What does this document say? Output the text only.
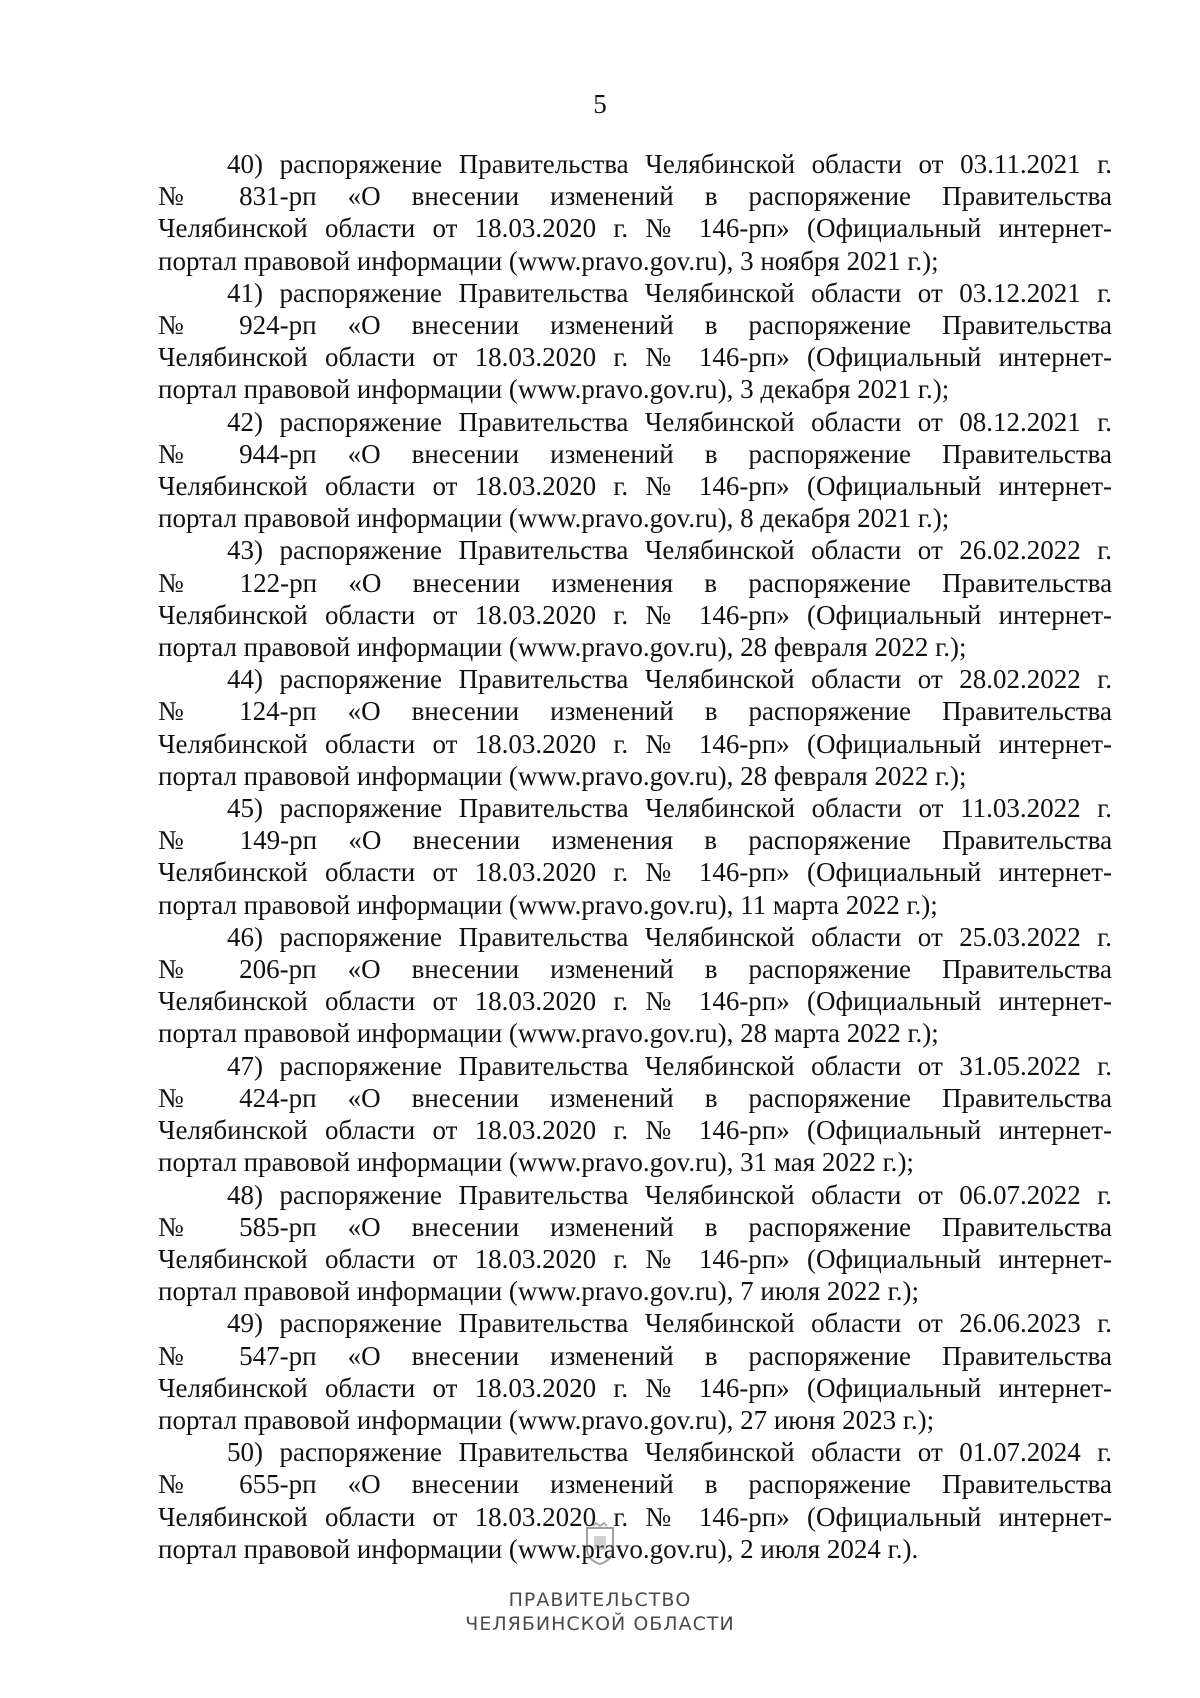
5

40) распоряжение Правительства Челябинской области от 03.11.2021 г.
№ 831-рп «О внесении изменений в распоряжение Правительства
Челябинской области от 18.03.2020 г. № 146-рп» (Официальный интернет-
портал правовой информации (www.pravo.gov.ru), 3 ноября 2021 г.);

41) распоряжение Правительства Челябинской области от 03.12.2021 г.
№ 924-рп «О внесении изменений в распоряжение Правительства
Челябинской области от 18.03.2020 г. № 146-рп» (Официальный интернет-
портал правовой информации (www.pravo.gov.ru), 3 декабря 2021 г.);

42) распоряжение Правительства Челябинской области от 08.12.2021 г.
№ 944-рп «О внесении изменений в распоряжение Правительства
Челябинской области от 18.03.2020 г. № 146-рп» (Официальный интернет-
портал правовой информации (www.pravo.gov.ru), 8 декабря 2021 г.);

43) распоряжение Правительства Челябинской области от 26.02.2022 г.
№ 122-рп «О внесении изменения в распоряжение Правительства
Челябинской области от 18.03.2020 г. № 146-рп» (Официальный интернет-
портал правовой информации (www.pravo.gov.ru), 28 февраля 2022 г.);

44) распоряжение Правительства Челябинской области от 28.02.2022 г.
№ 124-рп «О внесении изменений в распоряжение Правительства
Челябинской области от 18.03.2020 г. № 146-рп» (Официальный интернет-
портал правовой информации (www.pravo.gov.ru), 28 февраля 2022 г.);

45) распоряжение Правительства Челябинской области от 11.03.2022 г.
№ 149-рп «О внесении изменения в распоряжение Правительства
Челябинской области от 18.03.2020 г. № 146-рп» (Официальный интернет-
портал правовой информации (www.pravo.gov.ru), 11 марта 2022 г.);

46) распоряжение Правительства Челябинской области от 25.03.2022 г.
№ 206-рп «О внесении изменений в распоряжение Правительства
Челябинской области от 18.03.2020 г. № 146-рп» (Официальный интернет-
портал правовой информации (www.pravo.gov.ru), 28 марта 2022 г.);

47) распоряжение Правительства Челябинской области от 31.05.2022 г.
№ 424-рп «О внесении изменений в распоряжение Правительства
Челябинской области от 18.03.2020 г. № 146-рп» (Официальный интернет-
портал правовой информации (www.pravo.gov.ru), 31 мая 2022 г.);

48) распоряжение Правительства Челябинской области от 06.07.2022 г.
№ 585-рп «О внесении изменений в распоряжение Правительства
Челябинской области от 18.03.2020 г. № 146-рп» (Официальный интернет-
портал правовой информации (www.pravo.gov.ru), 7 июля 2022 г.);

49) распоряжение Правительства Челябинской области от 26.06.2023 г.
№ 547-рп «О внесении изменений в распоряжение Правительства
Челябинской области от 18.03.2020 г. № 146-рп» (Официальный интернет-
портал правовой информации (www.pravo.gov.ru), 27 июня 2023 г.);

50) распоряжение Правительства Челябинской области от 01.07.2024 г.
№ 655-рп «О внесении изменений в распоряжение Правительства
Челябинской области от 18.03.2020 г. № 146-рп» (Официальный интернет-
портал правовой информации (www.pravo.gov.ru), 2 июля 2024 г.).

ПРАВИТЕЛЬСТВО
ЧЕЛЯБИНСКОЙ ОБЛАСТИ
